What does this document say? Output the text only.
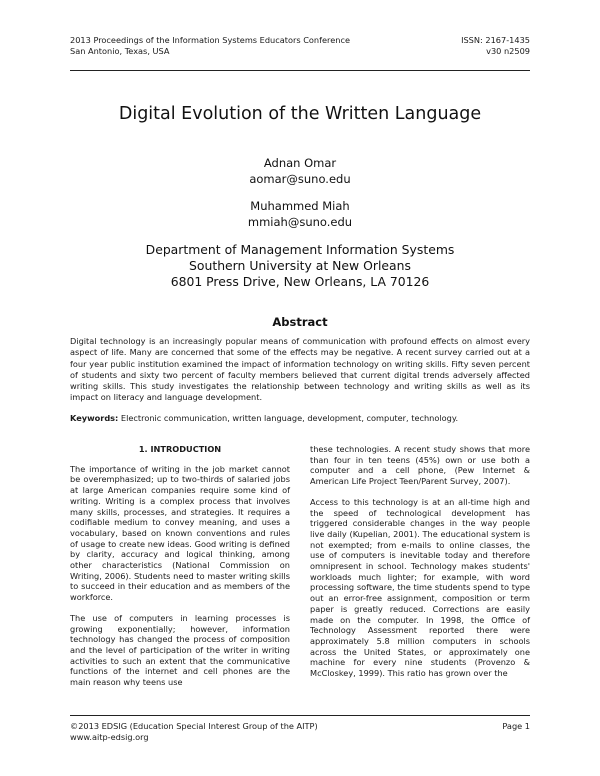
2013 Proceedings of the Information Systems Educators Conference
San Antonio, Texas, USA
ISSN: 2167-1435
v30 n2509
Digital Evolution of the Written Language
Adnan Omar
aomar@suno.edu
Muhammed Miah
mmiah@suno.edu
Department of Management Information Systems
Southern University at New Orleans
6801 Press Drive, New Orleans, LA 70126
Abstract
Digital technology is an increasingly popular means of communication with profound effects on almost every aspect of life. Many are concerned that some of the effects may be negative. A recent survey carried out at a four year public institution examined the impact of information technology on writing skills. Fifty seven percent of students and sixty two percent of faculty members believed that current digital trends adversely affected writing skills. This study investigates the relationship between technology and writing skills as well as its impact on literacy and language development.
Keywords: Electronic communication, written language, development, computer, technology.
1. INTRODUCTION

The importance of writing in the job market cannot be overemphasized; up to two-thirds of salaried jobs at large American companies require some kind of writing. Writing is a complex process that involves many skills, processes, and strategies. It requires a codifiable medium to convey meaning, and uses a vocabulary, based on known conventions and rules of usage to create new ideas. Good writing is defined by clarity, accuracy and logical thinking, among other characteristics (National Commission on Writing, 2006). Students need to master writing skills to succeed in their education and as members of the workforce.

The use of computers in learning processes is growing exponentially; however, information technology has changed the process of composition and the level of participation of the writer in writing activities to such an extent that the communicative functions of the internet and cell phones are the main reason why teens use

these technologies. A recent study shows that more than four in ten teens (45%) own or use both a computer and a cell phone, (Pew Internet & American Life Project Teen/Parent Survey, 2007).

Access to this technology is at an all-time high and the speed of technological development has triggered considerable changes in the way people live daily (Kupelian, 2001). The educational system is not exempted; from e-mails to online classes, the use of computers is inevitable today and therefore omnipresent in school. Technology makes students' workloads much lighter; for example, with word processing software, the time students spend to type out an error-free assignment, composition or term paper is greatly reduced. Corrections are easily made on the computer. In 1998, the Office of Technology Assessment reported there were approximately 5.8 million computers in schools across the United States, or approximately one machine for every nine students (Provenzo & McCloskey, 1999). This ratio has grown over the

©2013 EDSIG (Education Special Interest Group of the AITP)
www.aitp-edsig.org
Page 1
